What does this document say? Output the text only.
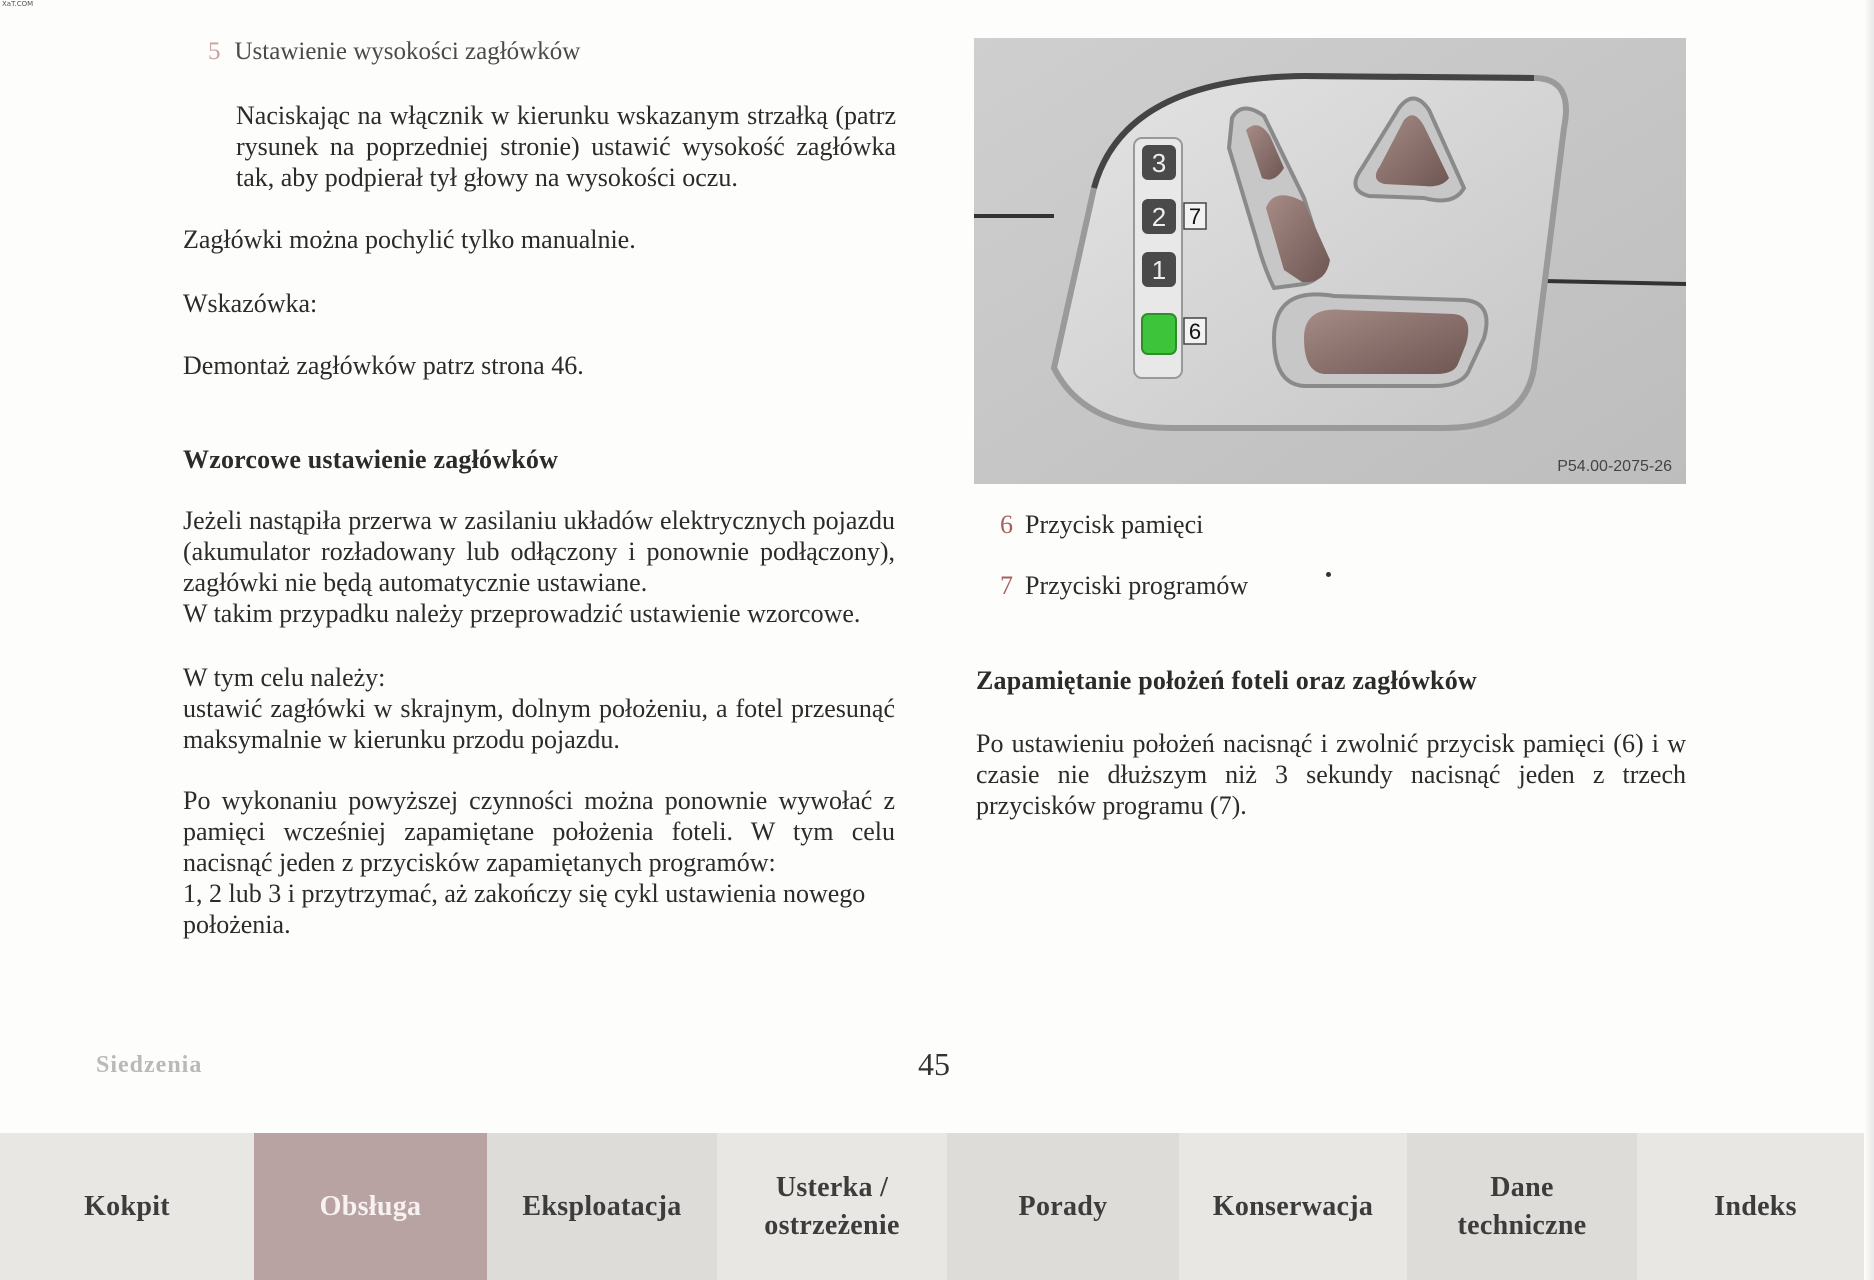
XaT.COM
5 Ustawienie wysokości zagłówków

Naciskając na włącznik w kierunku wskazanym strzałką (patrz rysunek na poprzedniej stronie) ustawić wysokość zagłówka tak, aby podpierał tył głowy na wysokości oczu.

Zagłówki można pochylić tylko manualnie.

Wskazówka:

Demontaż zagłówków patrz strona 46.

Wzorcowe ustawienie zagłówków

Jeżeli nastąpiła przerwa w zasilaniu układów elektrycznych pojazdu (akumulator rozładowany lub odłączony i ponownie podłączony), zagłówki nie będą automatycznie ustawiane.

W takim przypadku należy przeprowadzić ustawienie wzorcowe.

W tym celu należy:

ustawić zagłówki w skrajnym, dolnym położeniu, a fotel przesunąć maksymalnie w kierunku przodu pojazdu.

Po wykonaniu powyższej czynności można ponownie wywołać z pamięci wcześniej zapamiętane położenia foteli. W tym celu nacisnąć jeden z przycisków zapamiętanych programów:

1, 2 lub 3 i przytrzymać, aż zakończy się cykl ustawienia nowego położenia.

3
2
1
7
6
P54.00-2075-26
6 Przycisk pamięci
7 Przyciski programów
Zapamiętanie położeń foteli oraz zagłówków

Po ustawieniu położeń nacisnąć i zwolnić przycisk pamięci (6) i w czasie nie dłuższym niż 3 sekundy nacisnąć jeden z trzech przycisków programu (7).

Siedzenia	45
Kokpit	Obsługa	Eksploatacja
Usterka /
ostrzeżenie
Porady	Konserwacja
Dane
techniczne
Indeks
